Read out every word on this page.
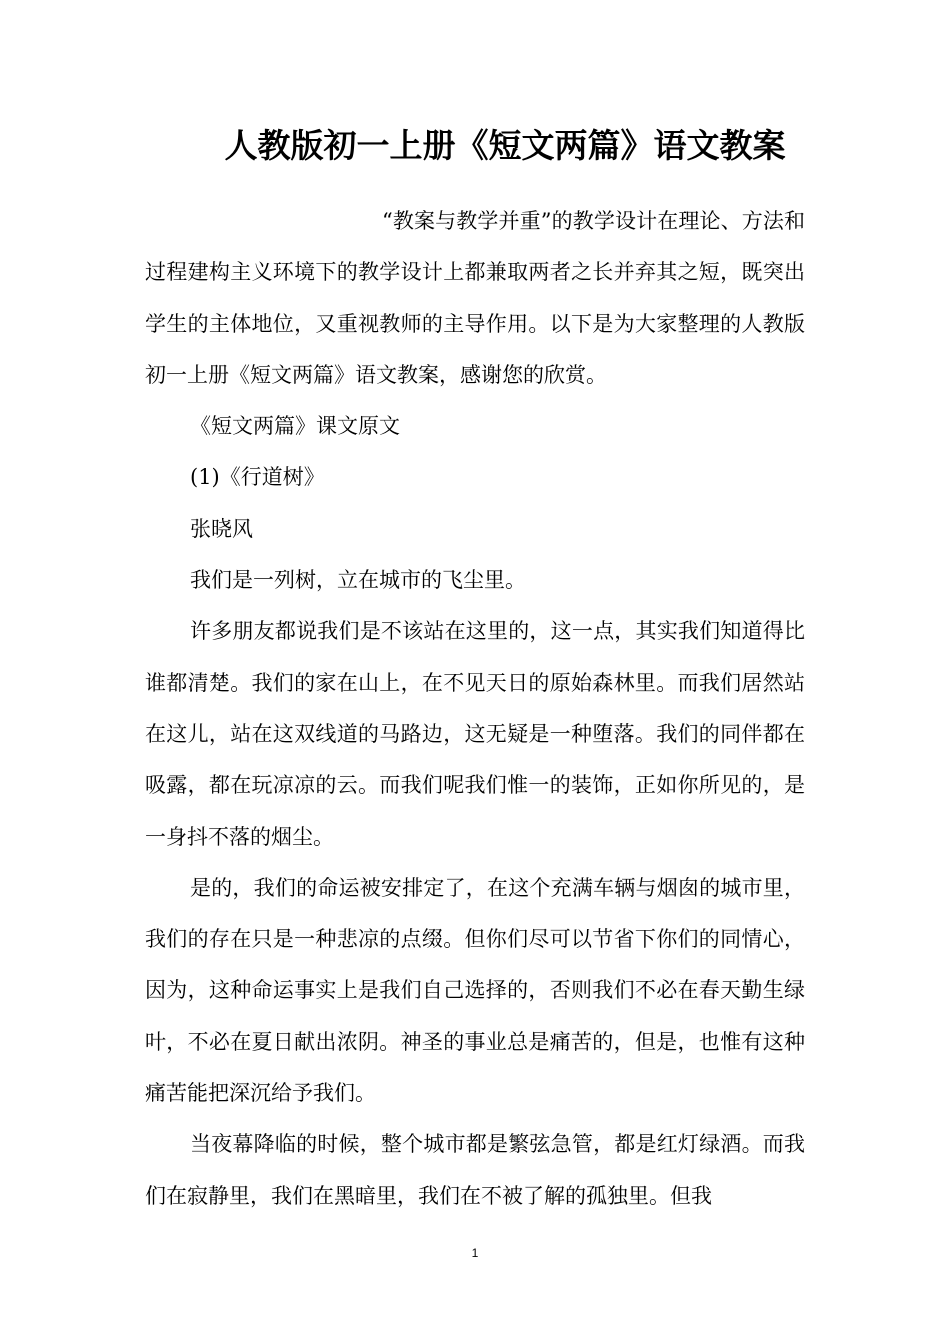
人教版初一上册《短文两篇》语文教案

“教案与教学并重”的教学设计在理论、方法和过程建构主义环境下的教学设计上都兼取两者之长并弃其之短，既突出学生的主体地位，又重视教师的主导作用。以下是为大家整理的人教版初一上册《短文两篇》语文教案，感谢您的欣赏。

《短文两篇》课文原文

(1)《行道树》

张晓风

我们是一列树，立在城市的飞尘里。

许多朋友都说我们是不该站在这里的，这一点，其实我们知道得比谁都清楚。我们的家在山上，在不见天日的原始森林里。而我们居然站在这儿，站在这双线道的马路边，这无疑是一种堕落。我们的同伴都在吸露，都在玩凉凉的云。而我们呢我们惟一的装饰，正如你所见的，是一身抖不落的烟尘。

是的，我们的命运被安排定了，在这个充满车辆与烟囱的城市里，我们的存在只是一种悲凉的点缀。但你们尽可以节省下你们的同情心，因为，这种命运事实上是我们自己选择的，否则我们不必在春天勤生绿叶，不必在夏日献出浓阴。神圣的事业总是痛苦的，但是，也惟有这种痛苦能把深沉给予我们。

当夜幕降临的时候，整个城市都是繁弦急管，都是红灯绿酒。而我们在寂静里，我们在黑暗里，我们在不被了解的孤独里。但我

1
